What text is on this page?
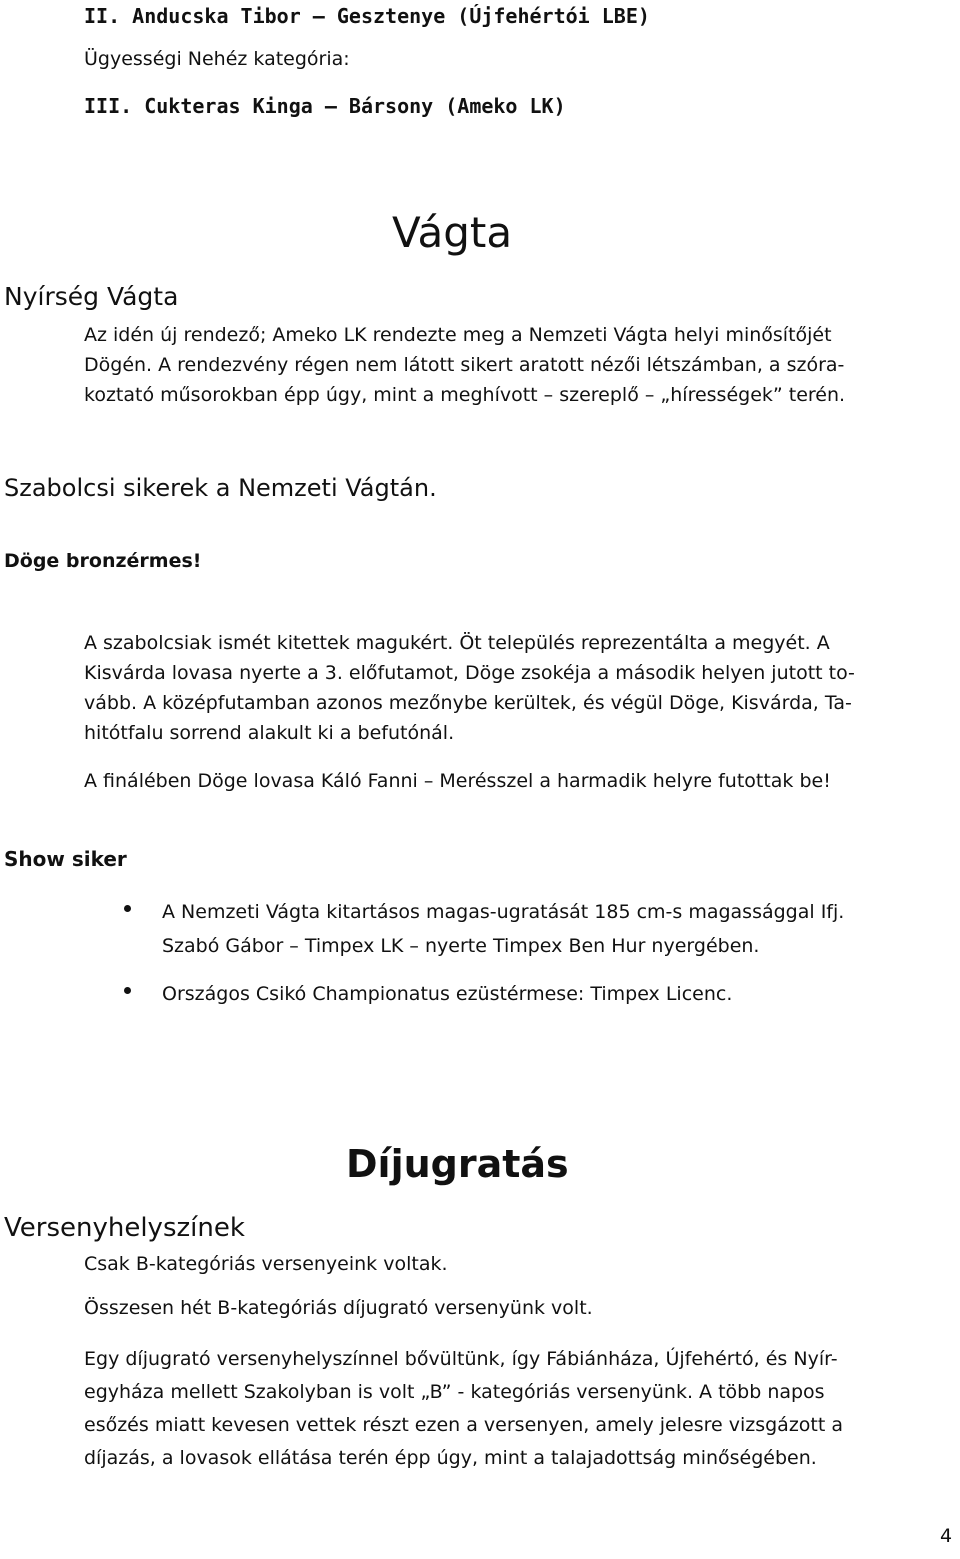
II. Anducska Tibor – Gesztenye (Újfehértói LBE)
Ügyességi Nehéz kategória:
III. Cukteras Kinga – Bársony (Ameko LK)
Vágta
Nyírség Vágta
Az idén új rendező; Ameko LK rendezte meg a Nemzeti Vágta helyi minősítőjét
Dögén. A rendezvény régen nem látott sikert aratott nézői létszámban, a szóra-
koztató műsorokban épp úgy, mint a meghívott – szereplő – „hírességek” terén.
Szabolcsi sikerek a Nemzeti Vágtán.
Döge bronzérmes!
A szabolcsiak ismét kitettek magukért. Öt település reprezentálta a megyét. A
Kisvárda lovasa nyerte a 3. előfutamot, Döge zsokéja a második helyen jutott to-
vább. A középfutamban azonos mezőnybe kerültek, és végül Döge, Kisvárda, Ta-
hitótfalu sorrend alakult ki a befutónál.
A finálében Döge lovasa Káló Fanni – Merésszel a harmadik helyre futottak be!
Show siker
A Nemzeti Vágta kitartásos magas-ugratását 185 cm-s magassággal Ifj.
Szabó Gábor – Timpex LK – nyerte Timpex Ben Hur nyergében.
Országos Csikó Championatus ezüstérmese: Timpex Licenc.
Díjugratás
Versenyhelyszínek
Csak B-kategóriás versenyeink voltak.
Összesen hét B-kategóriás díjugrató versenyünk volt.
Egy díjugrató versenyhelyszínnel bővültünk, így Fábiánháza, Újfehértó, és Nyír-
egyháza mellett Szakolyban is volt „B” - kategóriás versenyünk. A több napos
esőzés miatt kevesen vettek részt ezen a versenyen, amely jelesre vizsgázott a
díjazás, a lovasok ellátása terén épp úgy, mint a talajadottság minőségében.
4
